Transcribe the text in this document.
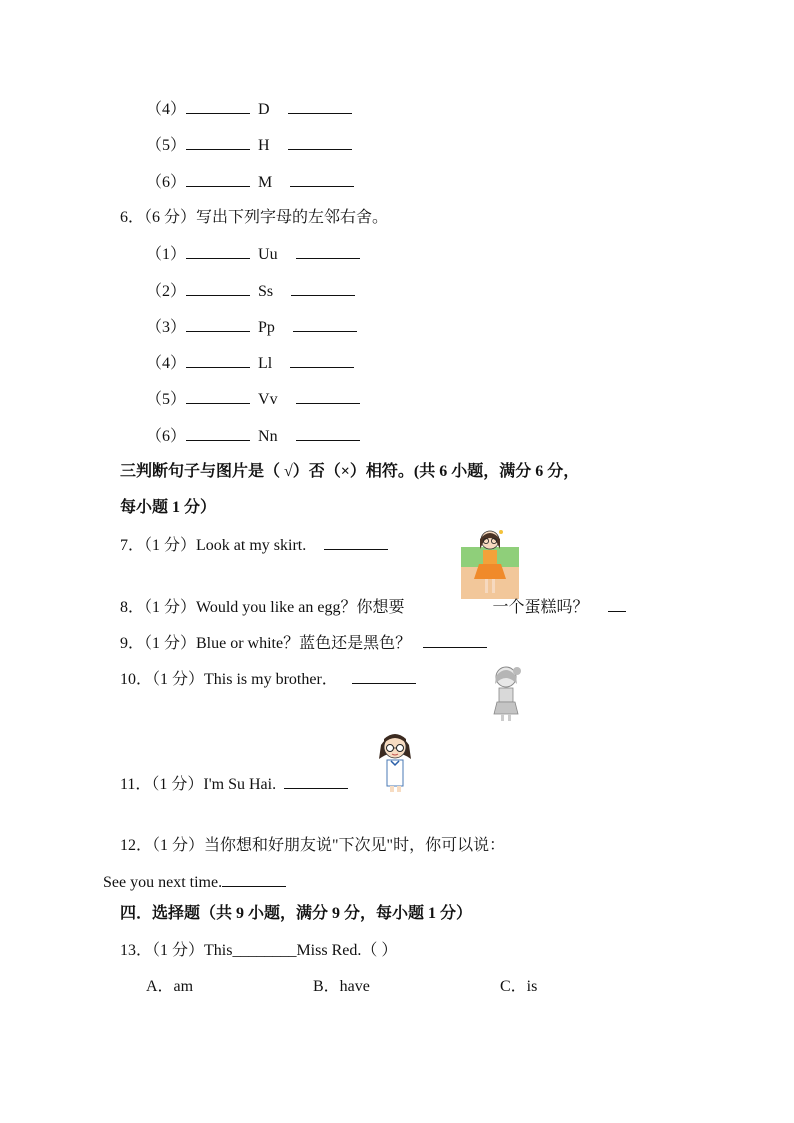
（4）	D
（5）	H
（6）	M
6．（6 分）写出下列字母的左邻右舍。
（1）	Uu
（2）	Ss
（3）	Pp
（4）	Ll
（5）	Vv
（6）	Nn
三判断句子与图片是（ √）否（×）相符。(共 6 小题，满分 6 分，
每小题 1 分）
7．（1 分）Look at my skirt.
8．（1 分）Would you like an egg？你想要	一个蛋糕吗？
9．（1 分）Blue or white？蓝色还是黑色？
10．（1 分）This is my brother．
11．（1 分）I'm Su Hai.
12．（1 分）当你想和好朋友说"下次见"时，你可以说：
See you next time.
四．选择题（共 9 小题，满分 9 分，每小题 1 分）
13．（1 分）This________Miss Red.（ ）
A．am	B．have	C．is
